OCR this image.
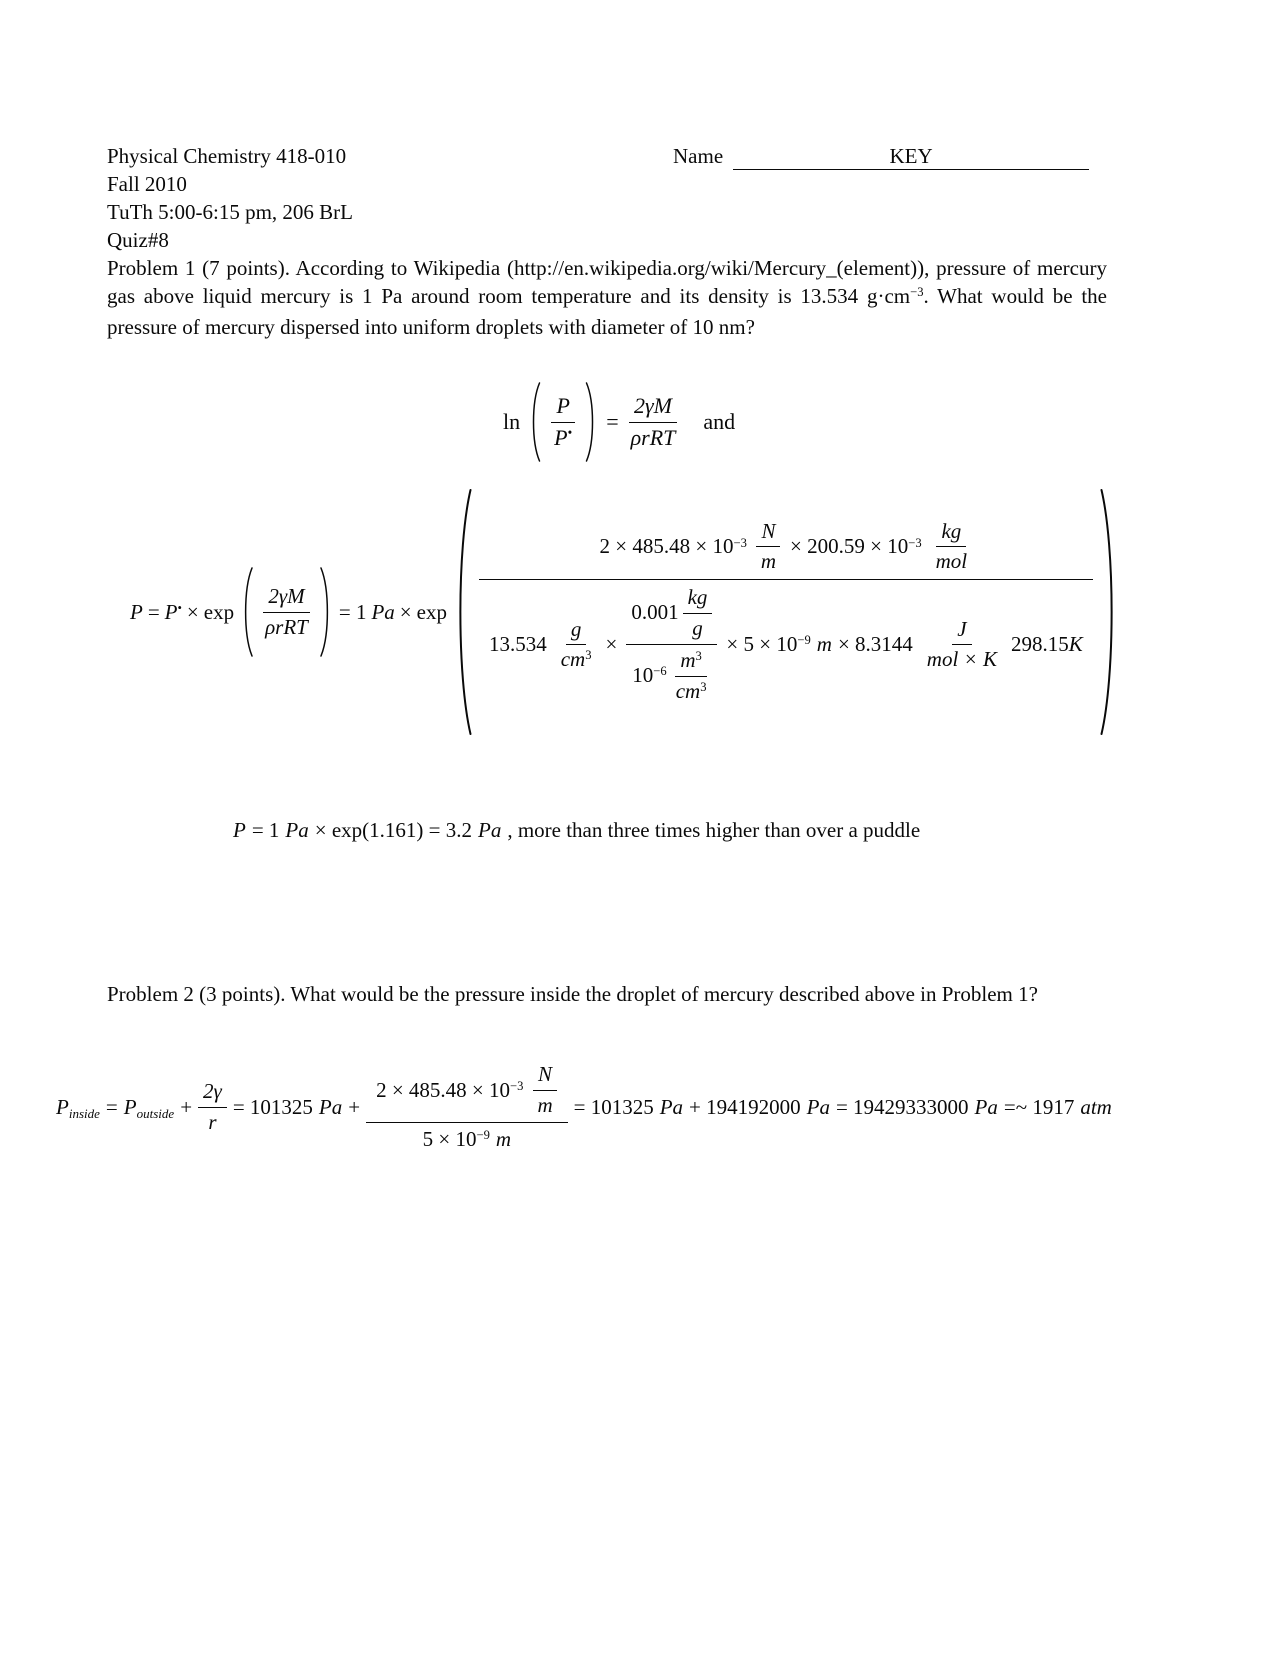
Physical Chemistry 418-010
Fall 2010
TuTh 5:00-6:15 pm, 206 BrL
Quiz#8
Name	KEY

Problem 1 (7 points). According to Wikipedia (http://en.wikipedia.org/wiki/Mercury_(element)), pressure of mercury gas above liquid mercury is 1 Pa around room temperature and its density is 13.534 $g\cdot cm^{-3}$. What would be the pressure of mercury dispersed into uniform droplets with diameter of 10 nm?

$\ln \frac{P}{P •} = \frac{2\gamma M}{\text{ρrRT}}$ and
P = P • × $\exp \frac{2\gamma M}{\text{ρrRT}} = 1$ Pa × exp
$2 \times 485.48 \times 10 -3 \frac{N}{m} \times 200.59 \times 10 -3 \frac{kg}{\text{mol}}$
$13.534 \frac{g}{cm 3} \times \frac{0.001 \frac{kg}{g}}{10 -6 \frac{m 3}{cm 3}} \times 5 \times 10 -9$ $m \times 8.3144 \frac{J}{\text{mol × K}} 298.15$ K
P = 1 Pa × exp(1.161) = 3.2 Pa , more than three times higher than over a puddle

Problem 2 (3 points). What would be the pressure inside the droplet of mercury described above in Problem 1?

P inside = P outside + $\frac{2\gamma}{r} = 101325$ Pa +
$2 \times 485.48 \times 10 -3 \frac{N}{m}$
5 × 10 −9 m
= 101325 Pa + 194192000 Pa = 19429333000 Pa =~ 1917 atm
